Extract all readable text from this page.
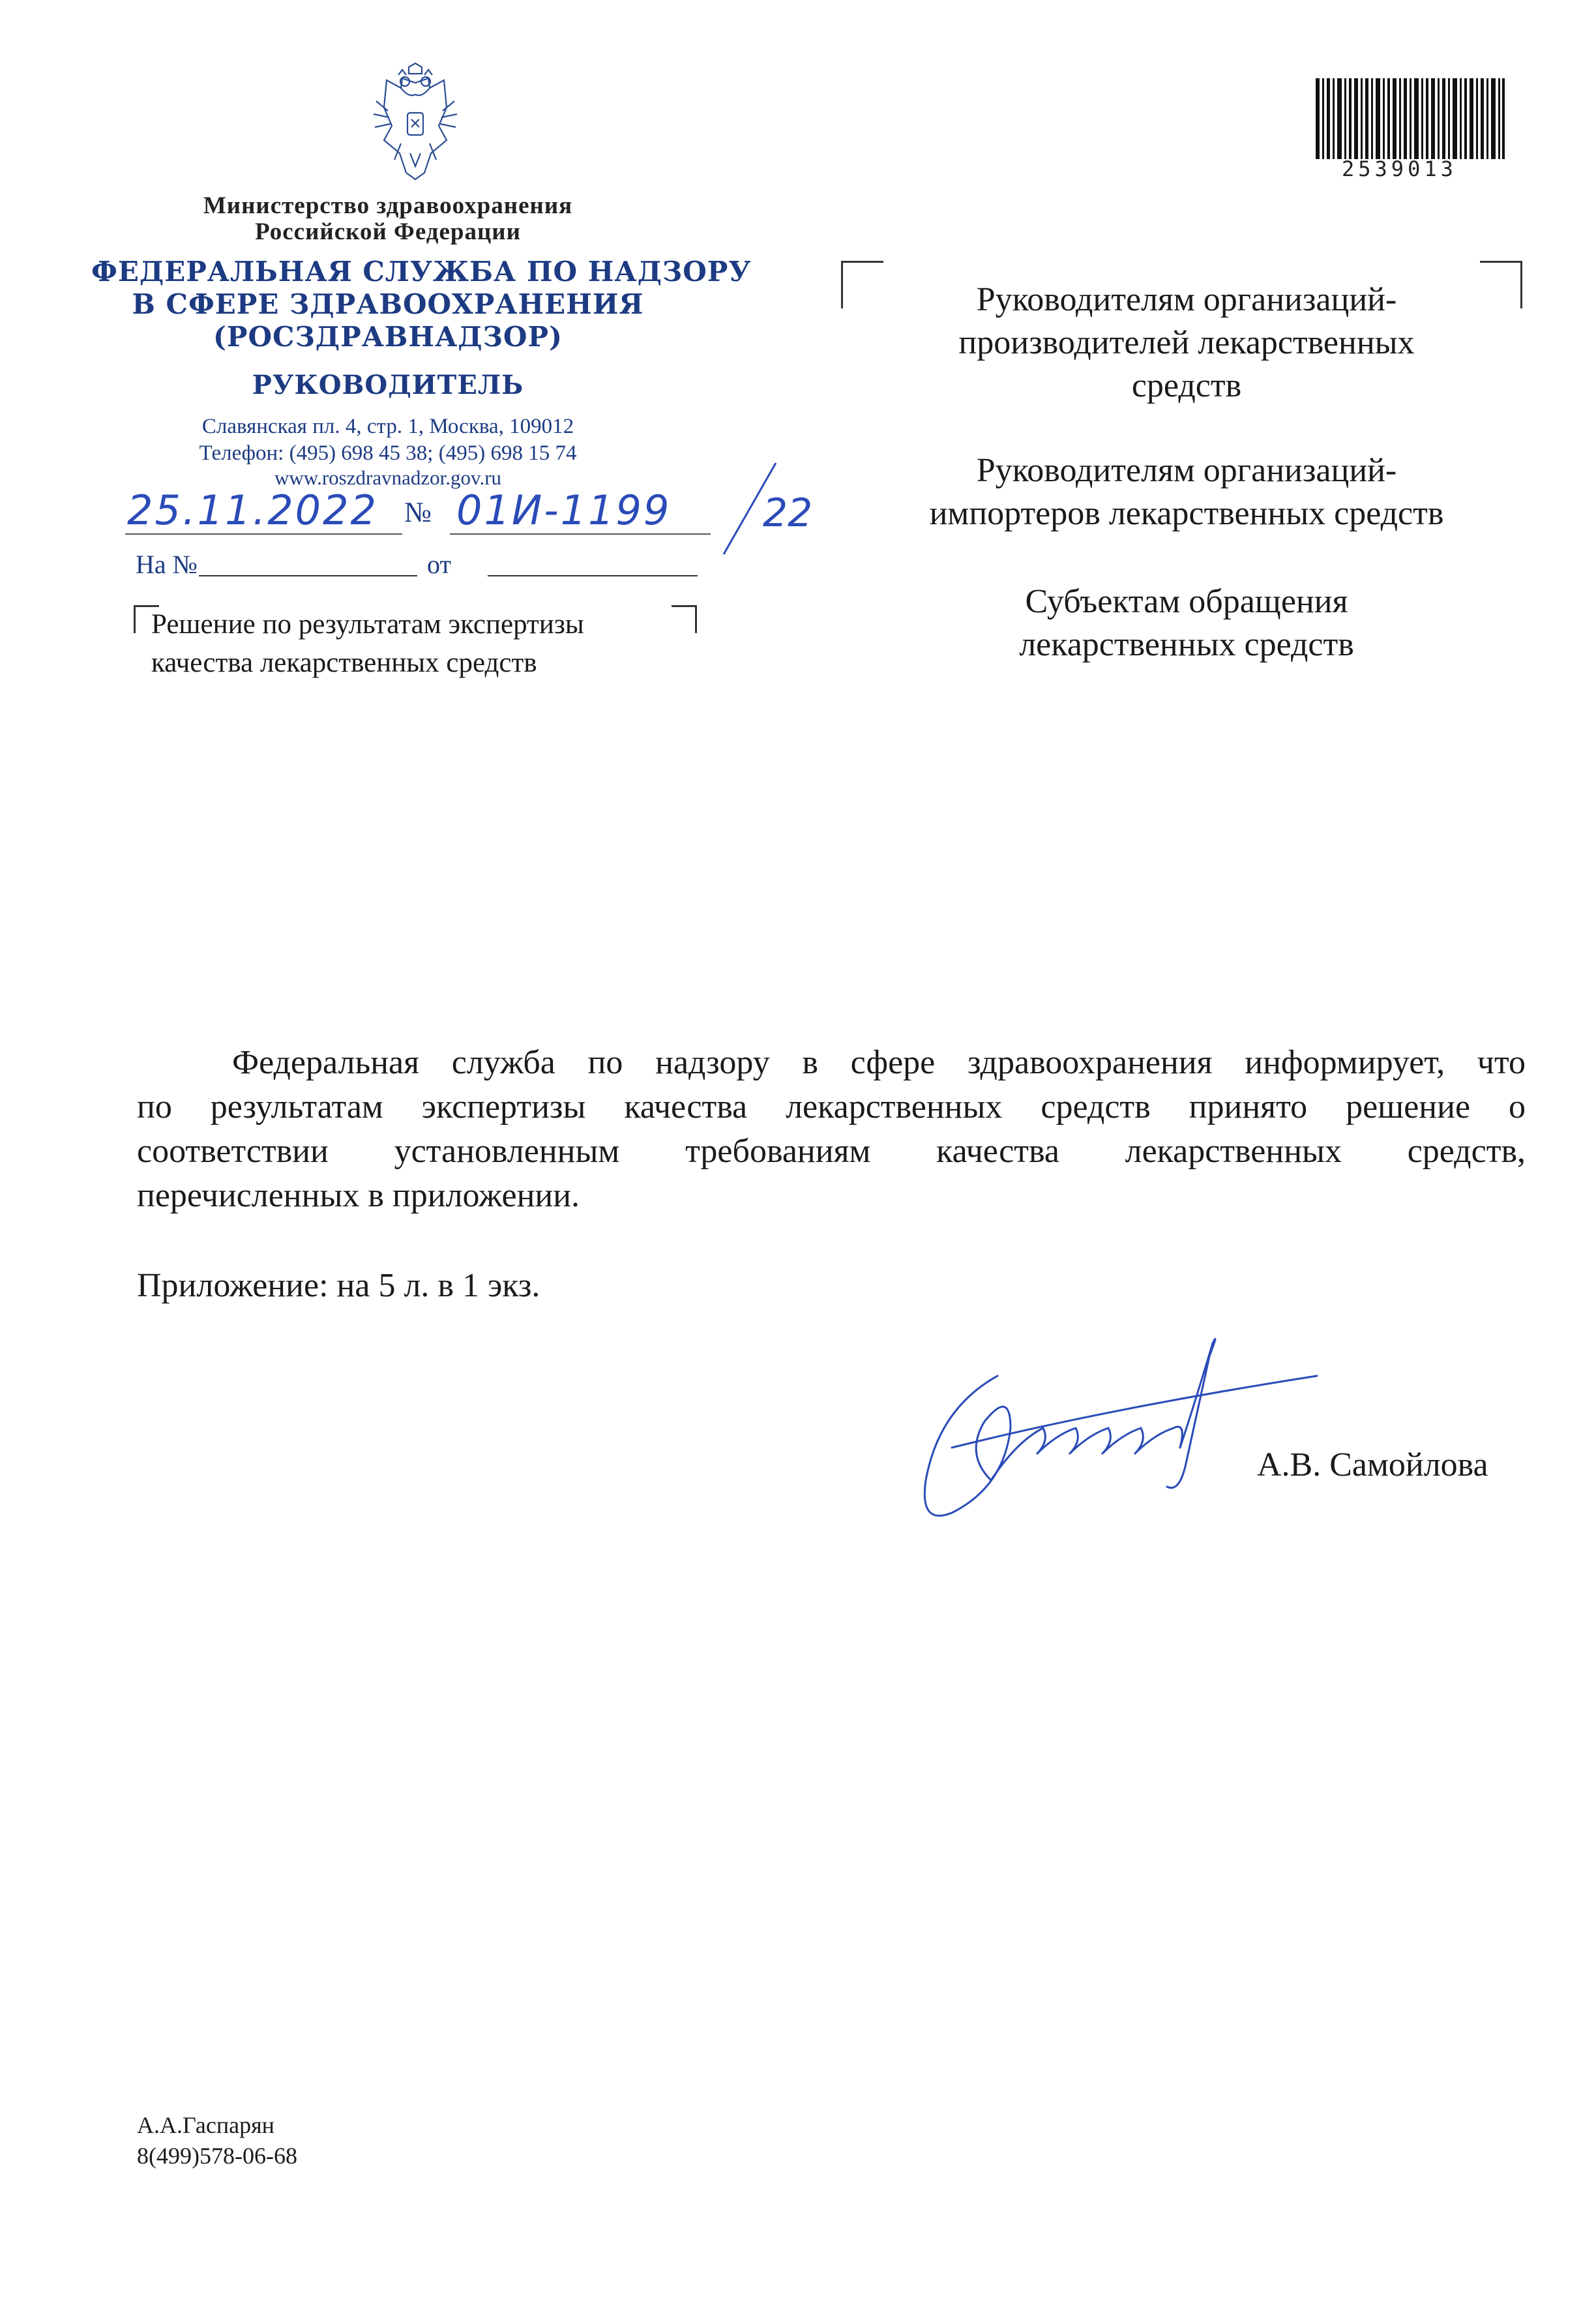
Министерство здравоохранения
Российской Федерации
ФЕДЕРАЛЬНАЯ СЛУЖБА ПО НАДЗОРУ
В СФЕРЕ ЗДРАВООХРАНЕНИЯ
(РОСЗДРАВНАДЗОР)
РУКОВОДИТЕЛЬ
Славянская пл. 4, стр. 1, Москва, 109012
Телефон: (495) 698 45 38; (495) 698 15 74
www.roszdravnadzor.gov.ru
25.11.2022 № 01И-1199 22
На №	от
Решение по результатам экспертизы
качества лекарственных средств
2539013
Руководителям организаций-
производителей лекарственных
средств
Руководителям организаций-
импортеров лекарственных средств
Субъектам обращения
лекарственных средств
Федеральная служба по надзору в сфере здравоохранения информирует, что
по результатам экспертизы качества лекарственных средств принято решение о
соответствии установленным требованиям качества лекарственных средств,
перечисленных в приложении.
Приложение: на 5 л. в 1 экз.
А.В. Самойлова
А.А.Гаспарян
8(499)578-06-68
